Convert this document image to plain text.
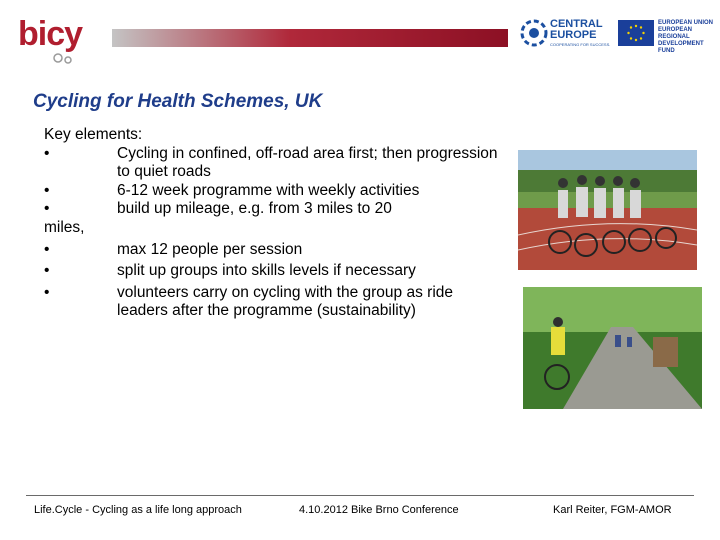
bicy	CENTRAL EUROPE
COOPERATING FOR SUCCESS.
EUROPEAN UNION
EUROPEAN REGIONAL
DEVELOPMENT FUND
Cycling for Health Schemes, UK
Key elements:
•	Cycling in confined, off-road area first; then progression to quiet roads
•	6-12 week programme with weekly activities
•	build up mileage, e.g. from 3 miles to 20
miles,
•	max 12 people per session
•	split up groups into skills levels if necessary
•	volunteers carry on cycling with the group as ride leaders after the programme (sustainability)
Life.Cycle - Cycling as a life long approach	4.10.2012 Bike Brno Conference	Karl Reiter, FGM-AMOR
